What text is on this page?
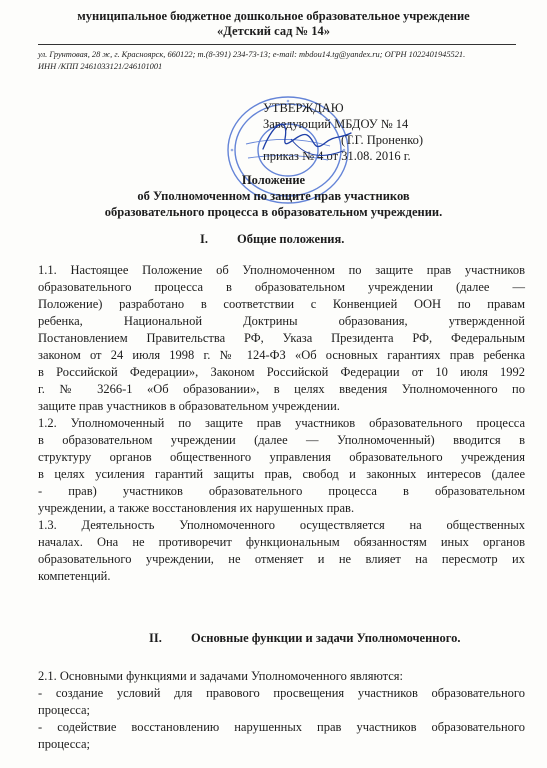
муниципальное бюджетное дошкольное образовательное учреждение
«Детский сад № 14»
ул. Грунтовая, 28 ж, г. Красноярск, 660122; т.(8-391) 234-73-13; e-mail: mbdou14.tg@yandex.ru; ОГРН 1022401945521.
ИНН /КПП 2461033121/246101001
УТВЕРЖДАЮ
Заведующий МБДОУ № 14
(Т.Г. Проненко)
приказ № 4 от 31.08. 2016 г.
Положение
об Уполномоченном по защите прав участников
образовательного процесса в образовательном учреждении.
I. Общие положения.
1.1. Настоящее Положение об Уполномоченном по защите прав участников
образовательного процесса в образовательном учреждении (далее —
Положение) разработано в соответствии с Конвенцией ООН по правам
ребенка, Национальной Доктрины образования, утвержденной
Постановлением Правительства РФ, Указа Президента РФ, Федеральным
законом от 24 июля 1998 г. № 124-ФЗ «Об основных гарантиях прав ребенка
в Российской Федерации», Законом Российской Федерации от 10 июля 1992
г. № 3266-1 «Об образовании», в целях введения Уполномоченного по
защите прав участников в образовательном учреждении.
1.2. Уполномоченный по защите прав участников образовательного процесса
в образовательном учреждении (далее — Уполномоченный) вводится в
структуру органов общественного управления образовательного учреждения
в целях усиления гарантий защиты прав, свобод и законных интересов (далее
- прав) участников образовательного процесса в образовательном
учреждении, а также восстановления их нарушенных прав.
1.3. Деятельность Уполномоченного осуществляется на общественных
началах. Она не противоречит функциональным обязанностям иных органов
образовательного учреждении, не отменяет и не влияет на пересмотр их
компетенций.
II. Основные функции и задачи Уполномоченного.
2.1. Основными функциями и задачами Уполномоченного являются:
- создание условий для правового просвещения участников образовательного
процесса;
- содействие восстановлению нарушенных прав участников образовательного
процесса;
